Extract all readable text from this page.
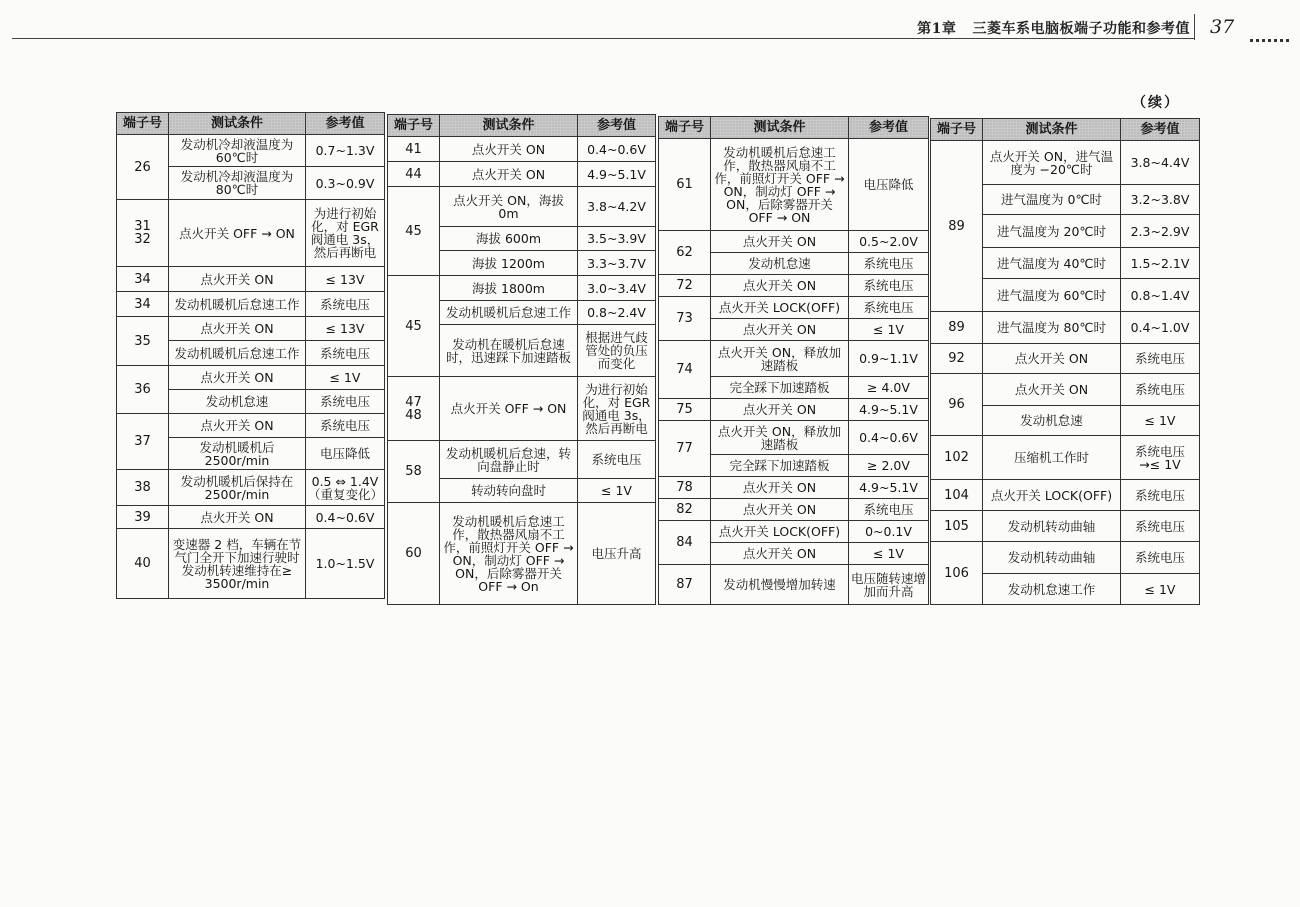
第1章 三菱车系电脑板端子功能和参考值 37
（续）
端子号	测试条件	参考值
26	发动机冷却液温度为60℃时	0.7~1.3V
	发动机冷却液温度为80℃时	0.3~0.9V
31
32	点火开关 OFF → ON	为进行初始化，对 EGR 阀通电 3s，然后再断电
34	点火开关 ON	≤ 13V
34	发动机暖机后怠速工作	系统电压
35	点火开关 ON	≤ 13V
	发动机暖机后怠速工作	系统电压
36	点火开关 ON	≤ 1V
	发动机怠速	系统电压
37	点火开关 ON	系统电压
	发动机暖机后2500r/min	电压降低
38	发动机暖机后保持在2500r/min	0.5 ⇔ 1.4V（重复变化）
39	点火开关 ON	0.4~0.6V
40	变速器 2 档，车辆在节气门全开下加速行驶时发动机转速维持在≥ 3500r/min	1.0~1.5V
端子号	测试条件	参考值
41	点火开关 ON	0.4~0.6V
44	点火开关 ON	4.9~5.1V
45	点火开关 ON，海拔 0m	3.8~4.2V
	海拔 600m	3.5~3.9V
	海拔 1200m	3.3~3.7V
45	海拔 1800m	3.0~3.4V
	发动机暖机后怠速工作	0.8~2.4V
	发动机在暖机后怠速时，迅速踩下加速踏板	根据进气歧管处的负压而变化
47
48	点火开关 OFF → ON	为进行初始化，对 EGR 阀通电 3s，然后再断电
58	发动机暖机后怠速，转向盘静止时	系统电压
	转动转向盘时	≤ 1V
60	发动机暖机后怠速工作，散热器风扇不工作，前照灯开关 OFF → ON，制动灯 OFF → ON，后除雾器开关 OFF → On	电压升高
端子号	测试条件	参考值
61	发动机暖机后怠速工作，散热器风扇不工作，前照灯开关 OFF → ON，制动灯 OFF → ON，后除雾器开关 OFF → ON	电压降低
62	点火开关 ON	0.5~2.0V
	发动机怠速	系统电压
72	点火开关 ON	系统电压
73	点火开关 LOCK(OFF)	系统电压
	点火开关 ON	≤ 1V
74	点火开关 ON，释放加速踏板	0.9~1.1V
	完全踩下加速踏板	≥ 4.0V
75	点火开关 ON	4.9~5.1V
77	点火开关 ON，释放加速踏板	0.4~0.6V
	完全踩下加速踏板	≥ 2.0V
78	点火开关 ON	4.9~5.1V
82	点火开关 ON	系统电压
84	点火开关 LOCK(OFF)	0~0.1V
	点火开关 ON	≤ 1V
87	发动机慢慢增加转速	电压随转速增加而升高
端子号	测试条件	参考值
89	点火开关 ON，进气温度为 −20℃时	3.8~4.4V
	进气温度为 0℃时	3.2~3.8V
	进气温度为 20℃时	2.3~2.9V
	进气温度为 40℃时	1.5~2.1V
	进气温度为 60℃时	0.8~1.4V
89	进气温度为 80℃时	0.4~1.0V
92	点火开关 ON	系统电压
96	点火开关 ON	系统电压
	发动机怠速	≤ 1V
102	压缩机工作时	系统电压 →≤ 1V
104	点火开关 LOCK(OFF)	系统电压
105	发动机转动曲轴	系统电压
106	发动机转动曲轴	系统电压
	发动机怠速工作	≤ 1V
